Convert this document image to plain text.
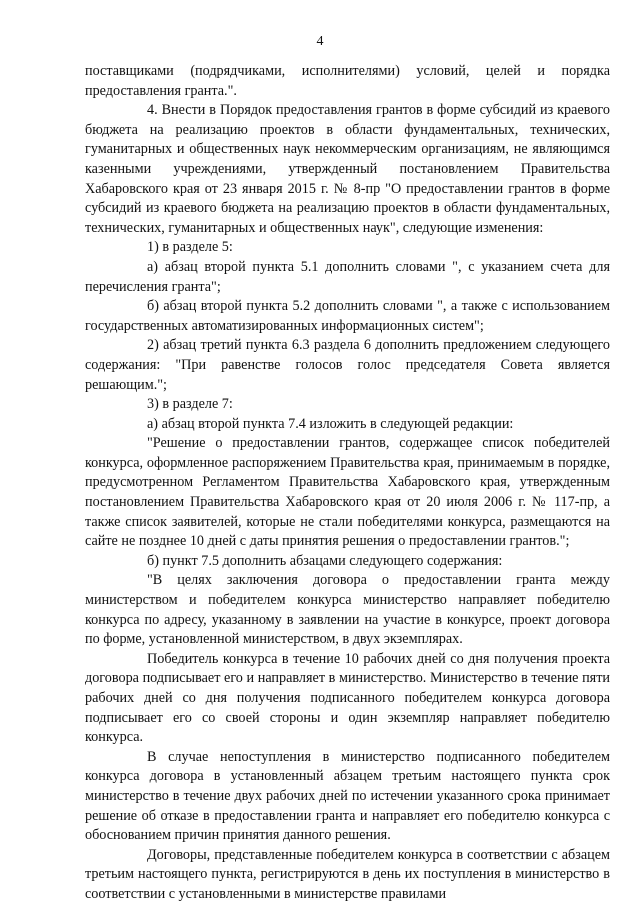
4

поставщиками (подрядчиками, исполнителями) условий, целей и порядка предоставления гранта.".

4. Внести в Порядок предоставления грантов в форме субсидий из краевого бюджета на реализацию проектов в области фундаментальных, технических, гуманитарных и общественных наук некоммерческим организациям, не являющимся казенными учреждениями, утвержденный постановлением Правительства Хабаровского края от 23 января 2015 г. № 8-пр "О предоставлении грантов в форме субсидий из краевого бюджета на реализацию проектов в области фундаментальных, технических, гуманитарных и общественных наук", следующие изменения:

1) в разделе 5:

а) абзац второй пункта 5.1 дополнить словами ", с указанием счета для перечисления гранта";

б) абзац второй пункта 5.2 дополнить словами ", а также с использованием государственных автоматизированных информационных систем";

2) абзац третий пункта 6.3 раздела 6 дополнить предложением следующего содержания: "При равенстве голосов голос председателя Совета является решающим.";

3) в разделе 7:

а) абзац второй пункта 7.4 изложить в следующей редакции:

"Решение о предоставлении грантов, содержащее список победителей конкурса, оформленное распоряжением Правительства края, принимаемым в порядке, предусмотренном Регламентом Правительства Хабаровского края, утвержденным постановлением Правительства Хабаровского края от 20 июля 2006 г. № 117-пр, а также список заявителей, которые не стали победителями конкурса, размещаются на сайте не позднее 10 дней с даты принятия решения о предоставлении грантов.";

б) пункт 7.5 дополнить абзацами следующего содержания:

"В целях заключения договора о предоставлении гранта между министерством и победителем конкурса министерство направляет победителю конкурса по адресу, указанному в заявлении на участие в конкурсе, проект договора по форме, установленной министерством, в двух экземплярах.

Победитель конкурса в течение 10 рабочих дней со дня получения проекта договора подписывает его и направляет в министерство. Министерство в течение пяти рабочих дней со дня получения подписанного победителем конкурса договора подписывает его со своей стороны и один экземпляр направляет победителю конкурса.

В случае непоступления в министерство подписанного победителем конкурса договора в установленный абзацем третьим настоящего пункта срок министерство в течение двух рабочих дней по истечении указанного срока принимает решение об отказе в предоставлении гранта и направляет его победителю конкурса с обоснованием причин принятия данного решения.

Договоры, представленные победителем конкурса в соответствии с абзацем третьим настоящего пункта, регистрируются в день их поступления в министерство в соответствии с установленными в министерстве правилами
